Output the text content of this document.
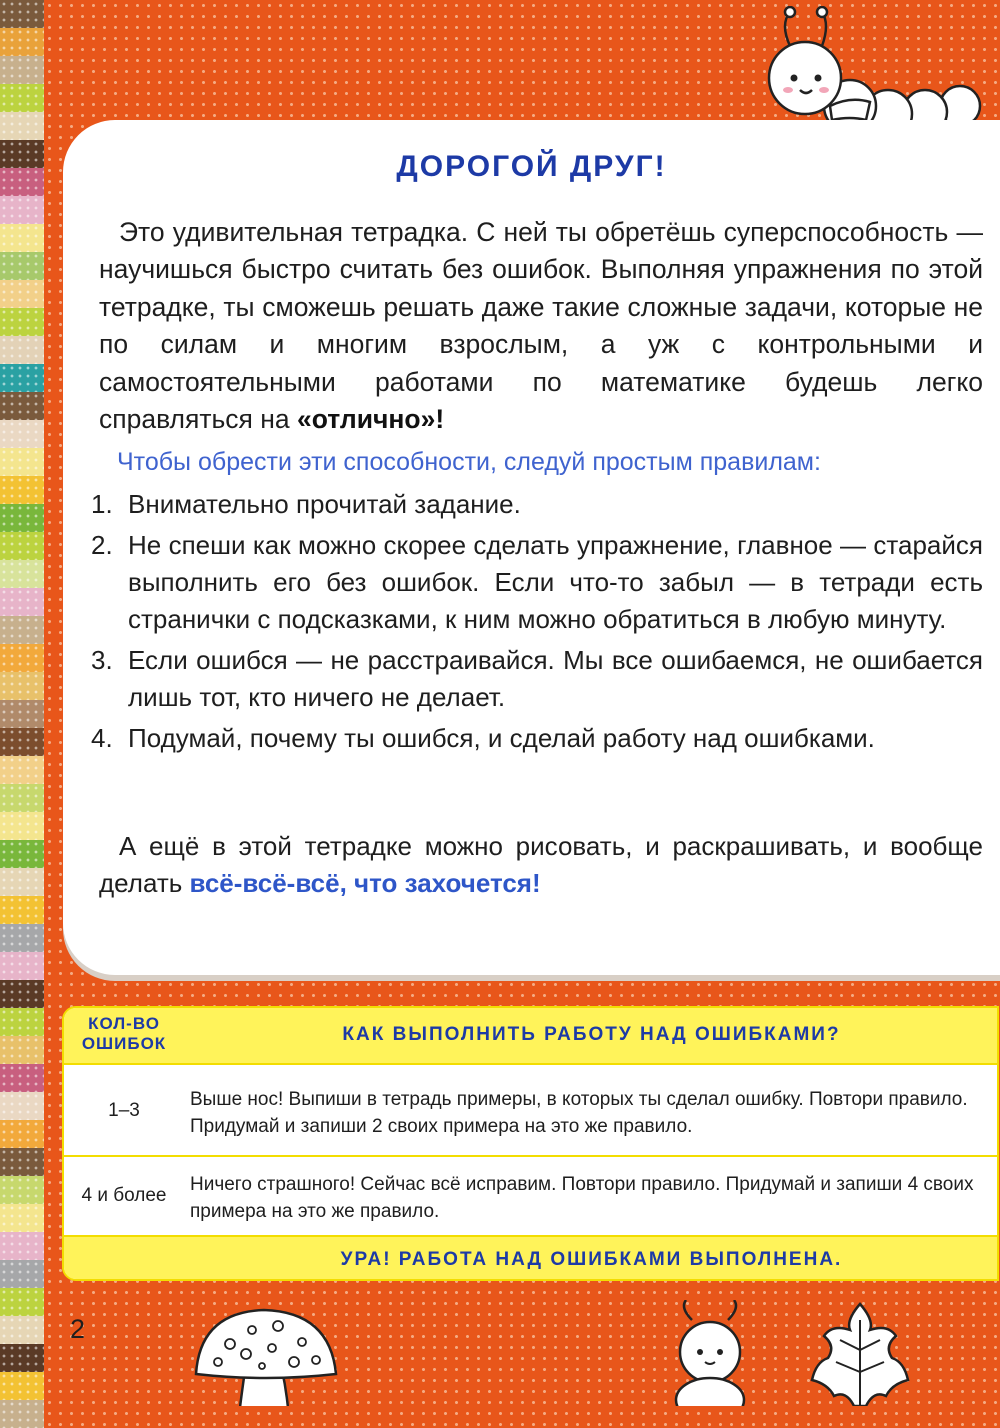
ДОРОГОЙ ДРУГ!

Это удивительная тетрадка. С ней ты обретёшь суперспособность — научишься быстро считать без ошибок. Выполняя упражнения по этой тетрадке, ты сможешь решать даже такие сложные задачи, которые не по силам и многим взрослым, а уж с контрольными и самостоятельными работами по математике будешь легко справляться на «отлично»!

Чтобы обрести эти способности, следуй простым правилам:

1. Внимательно прочитай задание.
2. Не спеши как можно скорее сделать упражнение, главное — старайся выполнить его без ошибок. Если что-то забыл — в тетради есть странички с подсказками, к ним можно обратиться в любую минуту.
3. Если ошибся — не расстраивайся. Мы все ошибаемся, не ошибается лишь тот, кто ничего не делает.
4. Подумай, почему ты ошибся, и сделай работу над ошибками.

А ещё в этой тетрадке можно рисовать, и раскрашивать, и вообще делать всё-всё-всё, что захочется!

КОЛ-ВО ОШИБОК	КАК ВЫПОЛНИТЬ РАБОТУ НАД ОШИБКАМИ?
1–3
Выше нос! Выпиши в тетрадь примеры, в которых ты сделал ошибку. Повтори правило. Придумай и запиши 2 своих примера на это же правило.
4 и более
Ничего страшного! Сейчас всё исправим. Повтори правило. Придумай и запиши 4 своих примера на это же правило.
УРА! РАБОТА НАД ОШИБКАМИ ВЫПОЛНЕНА.
2
